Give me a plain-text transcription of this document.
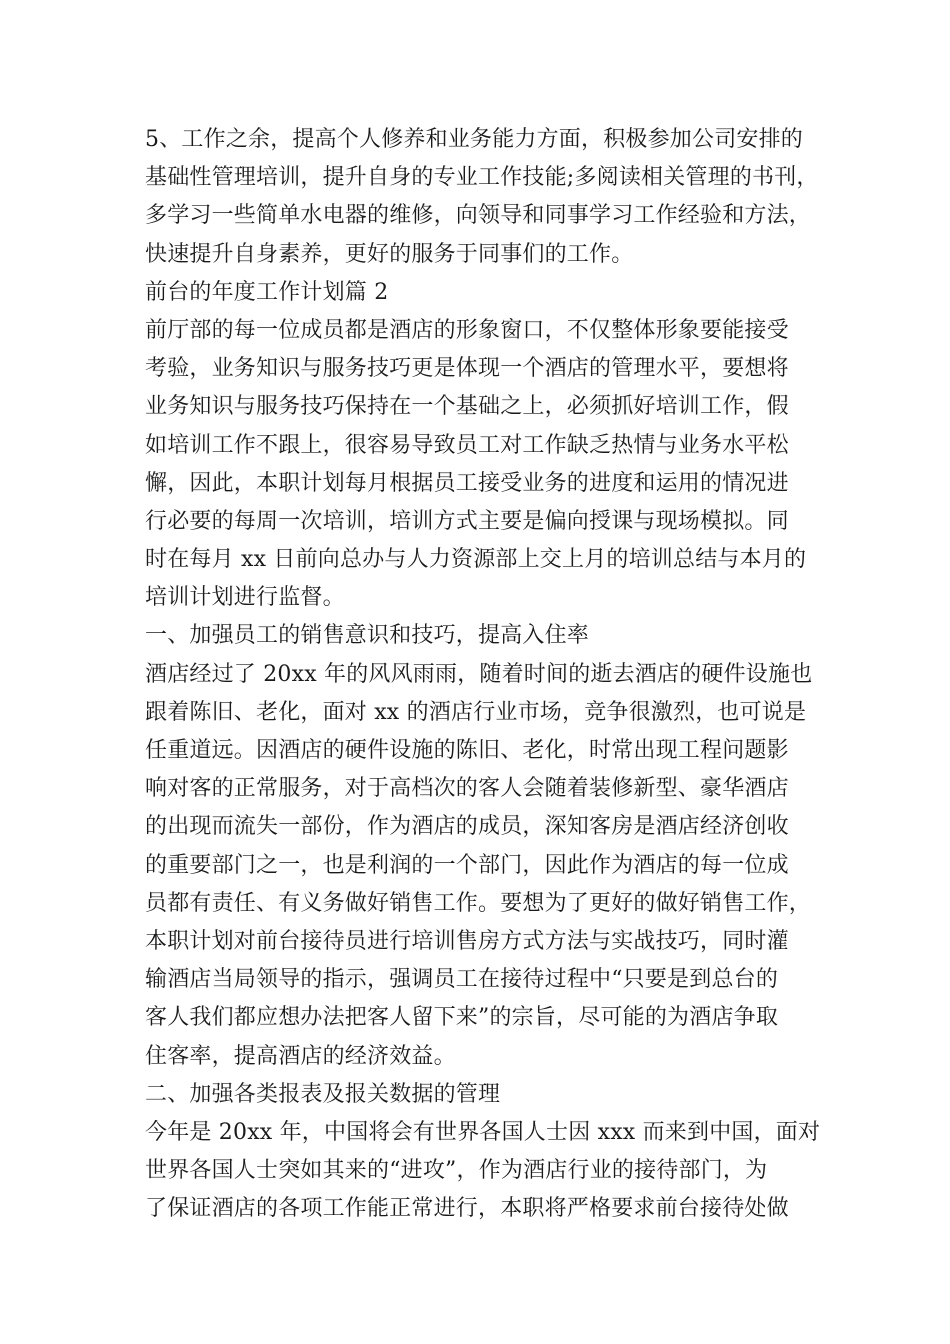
5、工作之余，提高个人修养和业务能力方面，积极参加公司安排的
基础性管理培训，提升自身的专业工作技能;多阅读相关管理的书刊，
多学习一些简单水电器的维修，向领导和同事学习工作经验和方法，
快速提升自身素养，更好的服务于同事们的工作。
前台的年度工作计划篇 2
前厅部的每一位成员都是酒店的形象窗口，不仅整体形象要能接受
考验，业务知识与服务技巧更是体现一个酒店的管理水平，要想将
业务知识与服务技巧保持在一个基础之上，必须抓好培训工作，假
如培训工作不跟上，很容易导致员工对工作缺乏热情与业务水平松
懈，因此，本职计划每月根据员工接受业务的进度和运用的情况进
行必要的每周一次培训，培训方式主要是偏向授课与现场模拟。同
时在每月 xx 日前向总办与人力资源部上交上月的培训总结与本月的
培训计划进行监督。
一、加强员工的销售意识和技巧，提高入住率
酒店经过了 20xx 年的风风雨雨，随着时间的逝去酒店的硬件设施也
跟着陈旧、老化，面对 xx 的酒店行业市场，竞争很激烈，也可说是
任重道远。因酒店的硬件设施的陈旧、老化，时常出现工程问题影
响对客的正常服务，对于高档次的客人会随着装修新型、豪华酒店
的出现而流失一部份，作为酒店的成员，深知客房是酒店经济创收
的重要部门之一，也是利润的一个部门，因此作为酒店的每一位成
员都有责任、有义务做好销售工作。要想为了更好的做好销售工作，
本职计划对前台接待员进行培训售房方式方法与实战技巧，同时灌
输酒店当局领导的指示，强调员工在接待过程中“只要是到总台的
客人我们都应想办法把客人留下来”的宗旨，尽可能的为酒店争取
住客率，提高酒店的经济效益。
二、加强各类报表及报关数据的管理
今年是 20xx 年，中国将会有世界各国人士因 xxx 而来到中国，面对
世界各国人士突如其来的“进攻”，作为酒店行业的接待部门，为
了保证酒店的各项工作能正常进行，本职将严格要求前台接待处做
